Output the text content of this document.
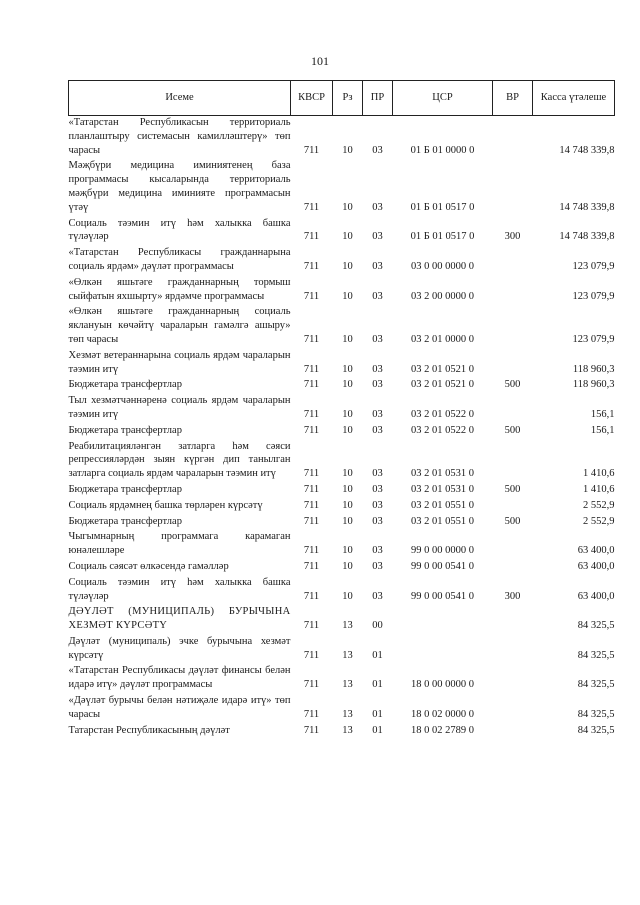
101
Исеме	КВСР	Рз	ПР	ЦСР	ВР	Касса үтәлеше
«Татарстан Республикасын территориаль планлаштыру системасын камилләштерү» төп чарасы	711	10	03	01 Б 01 0000 0		14 748 339,8
Мәҗбүри медицина иминиятенең база программасы кысаларында территориаль мәҗбүри медицина иминияте программасын үтәү	711	10	03	01 Б 01 0517 0		14 748 339,8
Социаль тәэмин итү һәм халыкка башка түләүләр	711	10	03	01 Б 01 0517 0	300	14 748 339,8
«Татарстан Республикасы гражданнарына социаль ярдәм» дәүләт программасы	711	10	03	03 0 00 0000 0		123 079,9
«Өлкән яшьтәге гражданнарның тормыш сыйфатын яхшырту» ярдәмче программасы	711	10	03	03 2 00 0000 0		123 079,9
«Өлкән яшьтәге гражданнарның социаль яклануын көчәйтү чараларын гамәлгә ашыру» төп чарасы	711	10	03	03 2 01 0000 0		123 079,9
Хезмәт ветераннарына социаль ярдәм чараларын тәэмин итү	711	10	03	03 2 01 0521 0		118 960,3
Бюджетара трансфертлар	711	10	03	03 2 01 0521 0	500	118 960,3
Тыл хезмәтчәннәренә социаль ярдәм чараларын тәэмин итү	711	10	03	03 2 01 0522 0		156,1
Бюджетара трансфертлар	711	10	03	03 2 01 0522 0	500	156,1
Реабилитацияләнгән затларга һәм сәяси репрессияләрдән зыян күргән дип танылган затларга социаль ярдәм чараларын тәэмин итү	711	10	03	03 2 01 0531 0		1 410,6
Бюджетара трансфертлар	711	10	03	03 2 01 0531 0	500	1 410,6
Социаль ярдәмнең башка төрләрен күрсәтү	711	10	03	03 2 01 0551 0		2 552,9
Бюджетара трансфертлар	711	10	03	03 2 01 0551 0	500	2 552,9
Чыгымнарның программага карамаган юнәлешләре	711	10	03	99 0 00 0000 0		63 400,0
Социаль сәясәт өлкәсендә гамәлләр	711	10	03	99 0 00 0541 0		63 400,0
Социаль тәэмин итү һәм халыкка башка түләүләр	711	10	03	99 0 00 0541 0	300	63 400,0
ДӘҮЛӘТ (МУНИЦИПАЛЬ) БУРЫЧЫНА ХЕЗМӘТ КҮРСӘТҮ	711	13	00			84 325,5
Дәүләт (муниципаль) эчке бурычына хезмәт күрсәтү	711	13	01			84 325,5
«Татарстан Республикасы дәүләт финансы белән идарә итү» дәүләт программасы	711	13	01	18 0 00 0000 0		84 325,5
«Дәүләт бурычы белән нәтиҗәле идарә итү» төп чарасы	711	13	01	18 0 02 0000 0		84 325,5
Татарстан Республикасының дәүләт	711	13	01	18 0 02 2789 0		84 325,5
